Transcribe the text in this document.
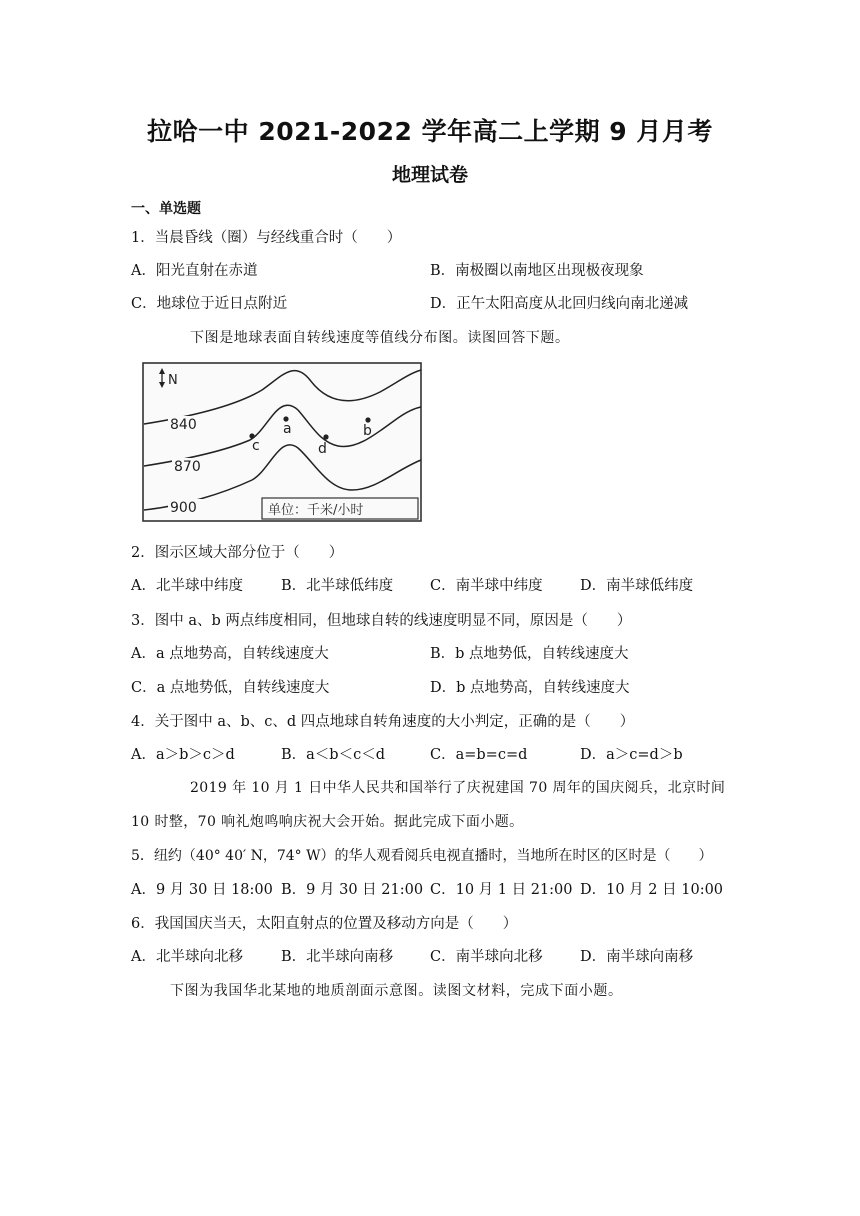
拉哈一中 2021-2022 学年高二上学期 9 月月考
地理试卷
一、单选题
1．当晨昏线（圈）与经线重合时（　　）
A．阳光直射在赤道	B．南极圈以南地区出现极夜现象
C．地球位于近日点附近	D．正午太阳高度从北回归线向南北递减
下图是地球表面自转线速度等值线分布图。读图回答下题。
N
840
870
900
a	b
c	d
单位：千米/小时
2．图示区域大部分位于（　　）
A．北半球中纬度	B．北半球低纬度	C．南半球中纬度	D．南半球低纬度
3．图中 a、b 两点纬度相同，但地球自转的线速度明显不同，原因是（　　）
A．a 点地势高，自转线速度大	B．b 点地势低，自转线速度大
C．a 点地势低，自转线速度大	D．b 点地势高，自转线速度大
4．关于图中 a、b、c、d 四点地球自转角速度的大小判定，正确的是（　　）
A．a＞b＞c＞d	B．a＜b＜c＜d	C．a=b=c=d	D．a＞c=d＞b
2019 年 10 月 1 日中华人民共和国举行了庆祝建国 70 周年的国庆阅兵，北京时间
10 时整，70 响礼炮鸣响庆祝大会开始。据此完成下面小题。
5．纽约（40° 40′ N，74° W）的华人观看阅兵电视直播时，当地所在时区的区时是（　　）
A．9 月 30 日 18:00 B．9 月 30 日 21:00 C．10 月 1 日 21:00 D．10 月 2 日 10:00
6．我国国庆当天，太阳直射点的位置及移动方向是（　　）
A．北半球向北移	B．北半球向南移	C．南半球向北移	D．南半球向南移
下图为我国华北某地的地质剖面示意图。读图文材料，完成下面小题。
